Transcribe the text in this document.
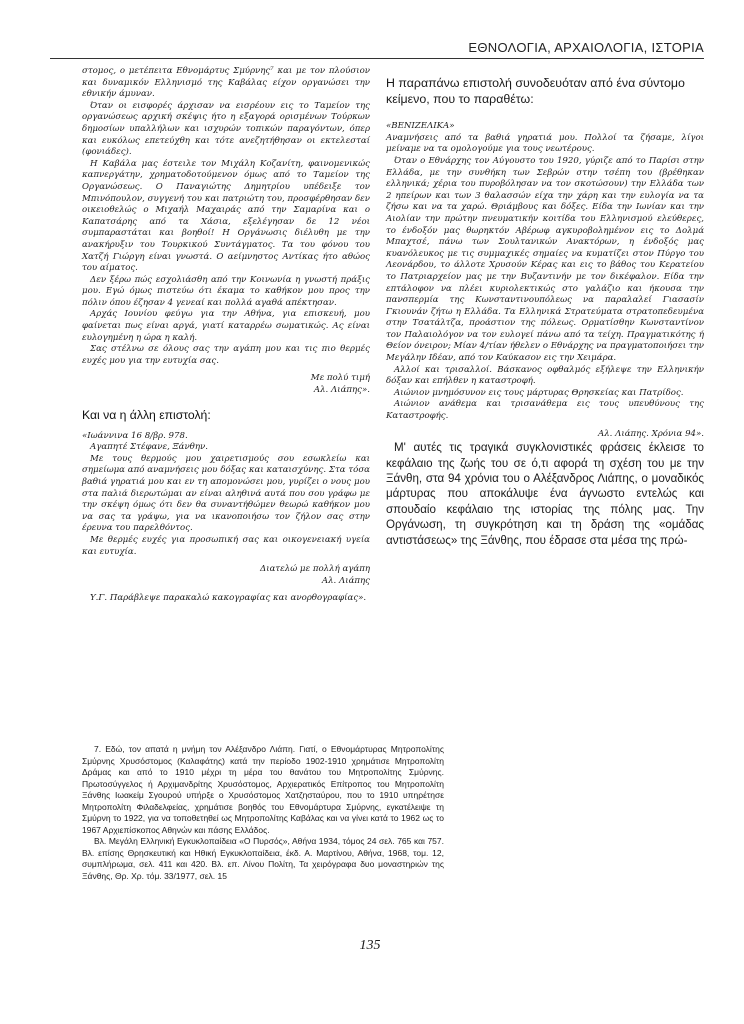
ΕΘΝΟΛΟΓΙΑ, ΑΡΧΑΙΟΛΟΓΙΑ, ΙΣΤΟΡΙΑ

στομος, ο μετέπειτα Εθνομάρτυς Σμύρνης⁷ και με τον πλούσιον και δυναμικόν Ελληνισμό της Καβάλας είχον οργανώσει την εθνικήν άμυναν.

Όταν οι εισφορές άρχισαν να εισρέουν εις το Ταμείον της οργανώσεως αρχική σκέψις ήτο η εξαγορά ορισμένων Τούρκων δημοσίων υπαλλήλων και ισχυρών τοπικών παραγόντων, όπερ και ευκόλως επετεύχθη και τότε ανεζητήθησαν οι εκτελεσταί (φονιάδες).

Η Καβάλα μας έστειλε τον Μιχάλη Κοζανίτη, φαινομενικώς καπνεργάτην, χρηματοδοτούμενον όμως από το Ταμείον της Οργανώσεως. Ο Παναγιώτης Δημητρίου υπέδειξε τον Μπινόπουλον, συγγενή του και πατριώτη του, προσφέρθησαν δεν οικειοθελώς ο Μιχαήλ Μαχαιράς από την Σαμαρίνα και ο Καπατσάρης από τα Χάσια, εξελέγησαν δε 12 νέοι συμπαραστάται και βοηθοί! Η Οργάνωσις διέλυθη με την ανακήρυξιν του Τουρκικού Συντάγματος. Τα του φόνου του Χατζή Γιώργη είναι γνωστά. Ο αείμνηστος Αντίκας ήτο αθώος του αίματος.

Δεν ξέρω πώς εσχολιάσθη από την Κοινωνία η γνωστή πράξις μου. Εγώ όμως πιστεύω ότι έκαμα το καθήκον μου προς την πόλιν όπου έζησαν 4 γενεαί και πολλά αγαθά απέκτησαν.

Αρχάς Ιουνίου φεύγω για την Αθήνα, για επισκευή, μου φαίνεται πως είναι αργά, γιατί καταρρέω σωματικώς. Ας είναι ευλογημένη η ώρα η καλή.

Σας στέλνω σε όλους σας την αγάπη μου και τις πιο θερμές ευχές μου για την ευτυχία σας.

Με πολύ τιμή

Αλ. Λιάπης».

Και να η άλλη επιστολή:

«Ιωάννινα 16 8/βρ. 978.

Αγαπητέ Στέφανε, Ξάνθην.

Με τους θερμούς μου χαιρετισμούς σου εσωκλείω και σημείωμα από αναμνήσεις μου δόξας και καταισχύνης. Στα τόσα βαθιά γηρατιά μου και εν τη απομονώσει μου, γυρίζει ο νους μου στα παλιά διερωτώμαι αν είναι αληθινά αυτά που σου γράφω με την σκέψη όμως ότι δεν θα συναντήθώμεν θεωρώ καθήκον μου να σας τα γράψω, για να ικανοποιήσω τον ζήλον σας στην έρευνα του παρελθόντος.

Με θερμές ευχές για προσωπική σας και οικογενειακή υγεία και ευτυχία.

Διατελώ με πολλή αγάπη

Αλ. Λιάπης

Υ.Γ. Παράβλεψε παρακαλώ κακογραφίας και ανορθογραφίας».

Η παραπάνω επιστολή συνοδευόταν από ένα σύντομο κείμενο, που το παραθέτω:

«ΒΕΝΙΖΕΛΙΚΑ»

Αναμνήσεις από τα βαθιά γηρατιά μου. Πολλοί τα ζήσαμε, λίγοι μείναμε να τα ομολογούμε για τους νεωτέρους.

Όταν ο Εθνάρχης τον Αύγουστο του 1920, γύριζε από το Παρίσι στην Ελλάδα, με την συνθήκη των Σεβρών στην τσέπη του (βρέθηκαν ελληνικά; χέρια του πυροβόλησαν να τον σκοτώσουν) την Ελλάδα των 2 ηπείρων και των 3 θαλασσών είχα την χάρη και την ευλογία να τα ζήσω και να τα χαρώ. Θριάμβους και δόξες. Είδα την Ιωνίαν και την Αιολίαν την πρώτην πνευματικήν κοιτίδα του Ελληνισμού ελεύθερες, το ένδοξόν μας θωρηκτόν Αβέρωφ αγκυροβολημένον εις το Δολμά Μπαχτσέ, πάνω των Σουλτανικών Ανακτόρων, η ένδοξός μας κυανόλευκος με τις συμμαχικές σημαίες να κυματίζει στον Πύργο του Λεονάρδου, το άλλοτε Χρυσούν Κέρας και εις το βάθος του Κερατείου το Πατριαρχείον μας με την Βυζαντινήν με τον δικέφαλον. Είδα την επτάλοφον να πλέει κυριολεκτικώς στο γαλάζιο και ήκουσα την πανσπερμία της Κωνσταντινουπόλεως να παραλαλεί Γιασασίν Γκιουνάν ζήτω η Ελλάδα. Τα Ελληνικά Στρατεύματα στρατοπεδευμένα στην Τσατάλτζα, προάστιον της πόλεως. Ορματίσθην Κωνσταντίνον τον Παλαιολόγον να τον ευλογεί πάνω από τα τείχη. Πραγματικότης ή Θείον όνειρον; Μίαν 4/τίαν ήθελεν ο Εθνάρχης να πραγματοποιήσει την Μεγάλην Ιδέαν, από τον Καύκασον εις την Χειμάρα.

Αλλοί και τρισαλλοί. Βάσκανος οφθαλμός εξήλεψε την Ελληνικήν δόξαν και επήλθεν η καταστροφή.

Αιώνιον μνημόσυνον εις τους μάρτυρας Θρησκείας και Πατρίδος.

Αιώνιον ανάθεμα και τρισανάθεμα εις τους υπευθύνους της Καταστροφής.

Αλ. Λιάπης. Χρόνια 94».

Μ' αυτές τις τραγικά συγκλονιστικές φράσεις έκλεισε το κεφάλαιο της ζωής του σε ό,τι αφορά τη σχέση του με την Ξάνθη, στα 94 χρόνια του ο Αλέξανδρος Λιάπης, ο μοναδικός μάρτυρας που αποκάλυψε ένα άγνωστο εντελώς και σπουδαίο κεφάλαιο της ιστορίας της πόλης μας. Την Οργάνωση, τη συγκρότηση και τη δράση της «ομάδας αντιστάσεως» της Ξάνθης, που έδρασε στα μέσα της πρώ-

7. Εδώ, τον απατά η μνήμη τον Αλέξανδρο Λιάπη. Γιατί, ο Εθνομάρτυρας Μητροπολίτης Σμύρνης Χρυσόστομος (Καλαφάτης) κατά την περίοδο 1902-1910 χρημάτισε Μητροπολίτη Δράμας και από το 1910 μέχρι τη μέρα του θανάτου του Μητροπολίτης Σμύρνης. Πρωτοσύγγελος ή Αρχιμανδρίτης Χρυσόστομος, Αρχιερατικός Επίτροπος του Μητροπολίτη Ξάνθης Ιωακείμ Σγουρού υπήρξε ο Χρυσόστομος Χατζησταύρου, που το 1910 υπηρέτησε Μητροπολίτη Φιλαδελφείας, χρημάτισε βοηθός του Εθνομάρτυρα Σμύρνης, εγκατέλειψε τη Σμύρνη το 1922, για να τοποθετηθεί ως Μητροπολίτης Καβάλας και να γίνει κατά το 1962 ως το 1967 Αρχιεπίσκοπος Αθηνών και πάσης Ελλάδος.

Βλ. Μεγάλη Ελληνική Εγκυκλοπαίδεια «Ο Πυρσός», Αθήνα 1934, τόμος 24 σελ. 765 και 757. Βλ. επίσης Θρησκευτική και Ηθική Εγκυκλοπαίδεια, έκδ. Α. Μαρτίνου, Αθήνα, 1968, τομ. 12, συμπλήρωμα, σελ. 411 και 420. Βλ. επ. Λίνου Πολίτη, Τα χειρόγραφα δυο μοναστηριών της Ξάνθης, Θρ. Χρ. τόμ. 33/1977, σελ. 15

135
